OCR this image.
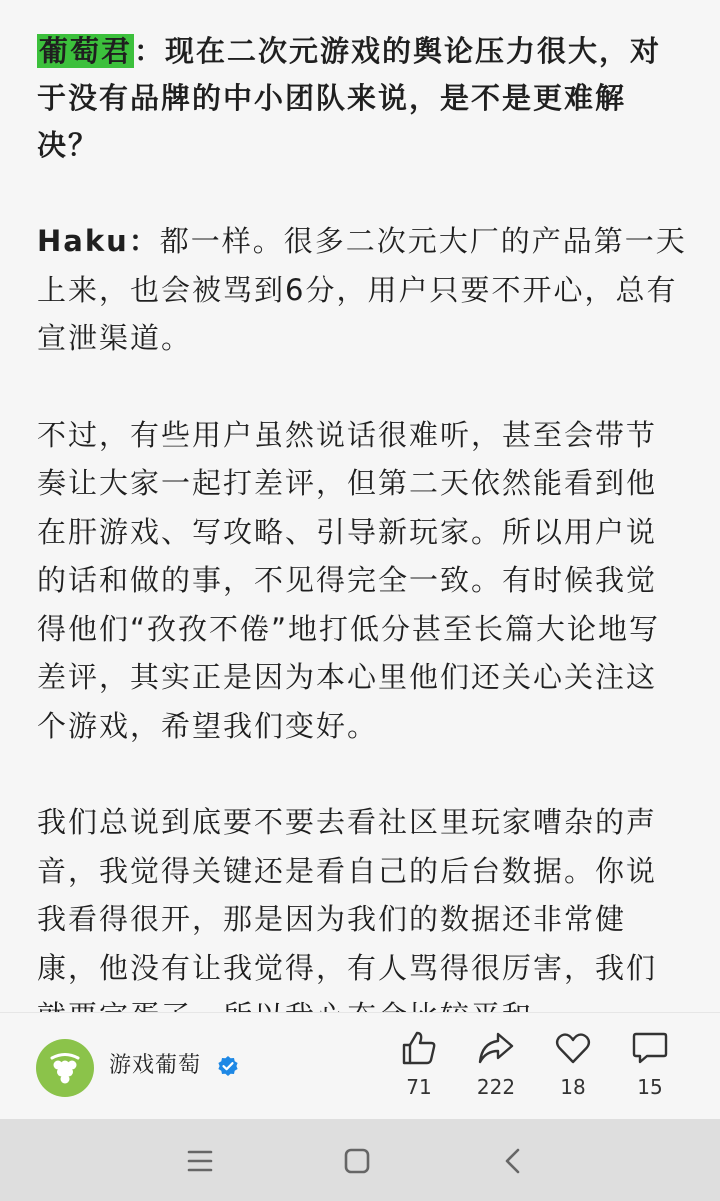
葡萄君：现在二次元游戏的舆论压力很大，对于没有品牌的中小团队来说，是不是更难解决？

Haku：都一样。很多二次元大厂的产品第一天上来，也会被骂到6分，用户只要不开心，总有宣泄渠道。

不过，有些用户虽然说话很难听，甚至会带节奏让大家一起打差评，但第二天依然能看到他在肝游戏、写攻略、引导新玩家。所以用户说的话和做的事，不见得完全一致。有时候我觉得他们“孜孜不倦”地打低分甚至长篇大论地写差评，其实正是因为本心里他们还关心关注这个游戏，希望我们变好。

我们总说到底要不要去看社区里玩家嘈杂的声音，我觉得关键还是看自己的后台数据。你说我看得很开，那是因为我们的数据还非常健康，他没有让我觉得，有人骂得很厉害，我们

游戏葡萄
71	222	18	15
